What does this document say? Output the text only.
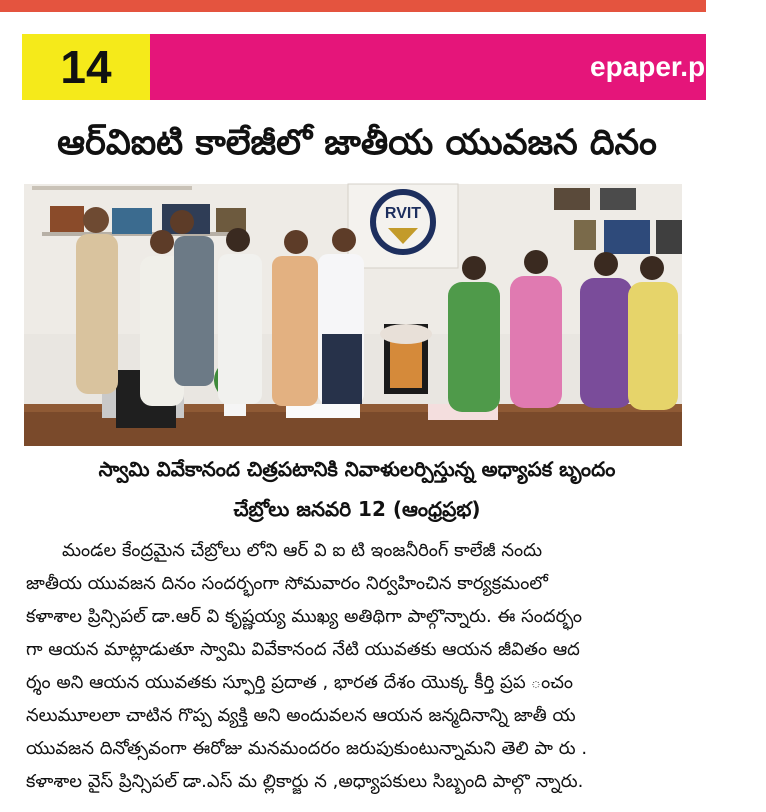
14	epaper.prabh
ఆర్‌విఐటి కాలేజీలో జాతీయ యువజన దినం
RVIT
స్వామి వివేకానంద చిత్రపటానికి నివాళులర్పిస్తున్న అధ్యాపక బృందం
చేబ్రోలు జనవరి 12 (ఆంధ్రప్రభ)

మండల కేంద్రమైన చేబ్రోలు లోని ఆర్ వి ఐ టి ఇంజనీరింగ్ కాలేజీ నందు

జాతీయ యువజన దినం సందర్భంగా సోమవారం నిర్వహించిన కార్యక్రమంలో

కళాశాల ప్రిన్సిపల్ డా.ఆర్ వి కృష్ణయ్య ముఖ్య అతిథిగా పాల్గొన్నారు. ఈ సందర్భం

గా ఆయన మాట్లాడుతూ స్వామి వివేకానంద నేటి యువతకు ఆయన జీవితం ఆద

ర్శం అని ఆయన యువతకు స్ఫూర్తి ప్రదాత , భారత దేశం యొక్క కీర్తి ప్రప ంచం

నలుమూలలా చాటిన గొప్ప వ్యక్తి అని అందువలన ఆయన జన్మదినాన్ని జాతీ య

యువజన దినోత్సవంగా ఈరోజు మనమందరం జరుపుకుంటున్నామని తెలి పా రు .

కళాశాల వైస్ ప్రిన్సిపల్ డా.ఎస్ మ ల్లికార్జు న ,అధ్యాపకులు సిబ్బంది పాల్గొ న్నారు.
